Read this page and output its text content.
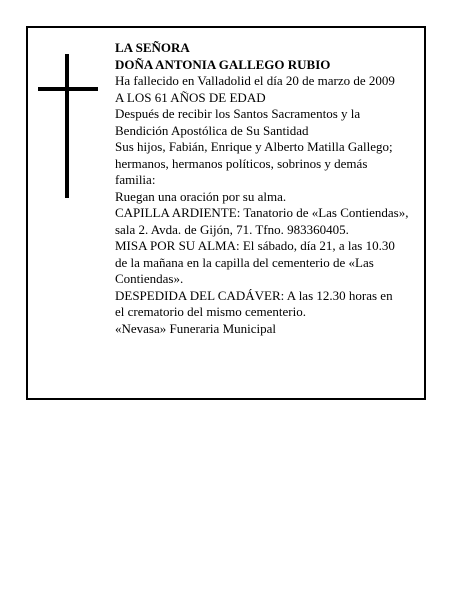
LA SEÑORA

DOÑA ANTONIA GALLEGO RUBIO

Ha fallecido en Valladolid el día 20 de marzo de 2009

A LOS 61 AÑOS DE EDAD

Después de recibir los Santos Sacramentos y la

Bendición Apostólica de Su Santidad

Sus hijos, Fabián, Enrique y Alberto Matilla Gallego;

hermanos, hermanos políticos, sobrinos y demás

familia:

Ruegan una oración por su alma.

CAPILLA ARDIENTE: Tanatorio de «Las Contiendas»,

sala 2. Avda. de Gijón, 71. Tfno. 983360405.

MISA POR SU ALMA: El sábado, día 21, a las 10.30

de la mañana en la capilla del cementerio de «Las

Contiendas».

DESPEDIDA DEL CADÁVER: A las 12.30 horas en

el crematorio del mismo cementerio.

«Nevasa» Funeraria Municipal
